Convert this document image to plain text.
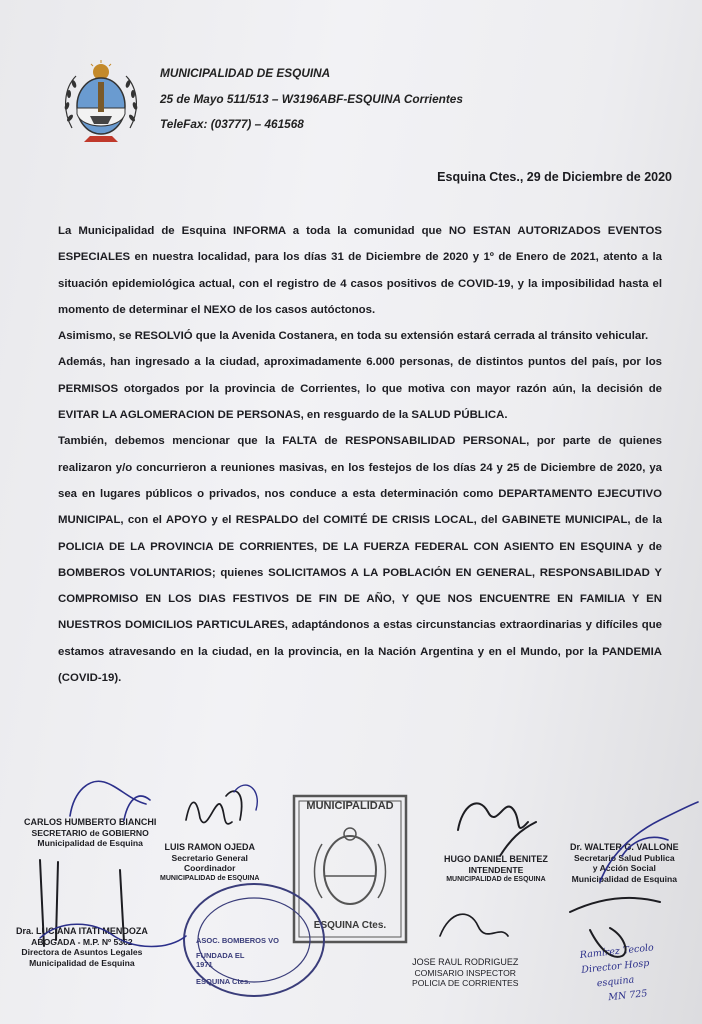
MUNICIPALIDAD DE ESQUINA
25 de Mayo 511/513 – W3196ABF-ESQUINA Corrientes
TeleFax: (03777) – 461568
Esquina Ctes., 29 de Diciembre de 2020

La Municipalidad de Esquina INFORMA a toda la comunidad que NO ESTAN AUTORIZADOS EVENTOS ESPECIALES en nuestra localidad, para los días 31 de Diciembre de 2020 y 1º de Enero de 2021, atento a la situación epidemiológica actual, con el registro de 4 casos positivos de COVID-19, y la imposibilidad hasta el momento de determinar el NEXO de los casos autóctonos.

Asimismo, se RESOLVIÓ que la Avenida Costanera, en toda su extensión estará cerrada al tránsito vehicular.

Además, han ingresado a la ciudad, aproximadamente 6.000 personas, de distintos puntos del país, por los PERMISOS otorgados por la provincia de Corrientes, lo que motiva con mayor razón aún, la decisión de EVITAR LA AGLOMERACION DE PERSONAS, en resguardo de la SALUD PÚBLICA.

También, debemos mencionar que la FALTA de RESPONSABILIDAD PERSONAL, por parte de quienes realizaron y/o concurrieron a reuniones masivas, en los festejos de los días 24 y 25 de Diciembre de 2020, ya sea en lugares públicos o privados, nos conduce a esta determinación como DEPARTAMENTO EJECUTIVO MUNICIPAL, con el APOYO y el RESPALDO del COMITÉ DE CRISIS LOCAL, del GABINETE MUNICIPAL, de la POLICIA DE LA PROVINCIA DE CORRIENTES, DE LA FUERZA FEDERAL CON ASIENTO EN ESQUINA y de BOMBEROS VOLUNTARIOS; quienes SOLICITAMOS A LA POBLACIÓN EN GENERAL, RESPONSABILIDAD Y COMPROMISO EN LOS DIAS FESTIVOS DE FIN DE AÑO, Y QUE NOS ENCUENTRE EN FAMILIA Y EN NUESTROS DOMICILIOS PARTICULARES, adaptándonos a estas circunstancias extraordinarias y difíciles que estamos atravesando en la ciudad, en la provincia, en la Nación Argentina y en el Mundo, por la PANDEMIA (COVID-19).

MUNICIPALIDAD
ESQUINA Ctes.
ASOC. BOMBEROS VO
FUNDADA EL
1971
ESQUINA Ctes.
CARLOS HUMBERTO BIANCHI
SECRETARIO de GOBIERNO
Municipalidad de Esquina	LUIS RAMON OJEDA
Secretario General
Coordinador
MUNICIPALIDAD de ESQUINA
HUGO DANIEL BENITEZ
INTENDENTE
MUNICIPALIDAD de ESQUINA
Dr. WALTER G. VALLONE
Secretario Salud Publica
y Acción Social
Municipalidad de Esquina
Dra. LUCIANA ITATI MENDOZA
ABOGADA - M.P. Nº 5362
Directora de Asuntos Legales
Municipalidad de Esquina	JOSE RAUL RODRIGUEZ
COMISARIO INSPECTOR
POLICIA DE CORRIENTES
Ramírez Tecolo
Director Hosp
esquina
MN 725
